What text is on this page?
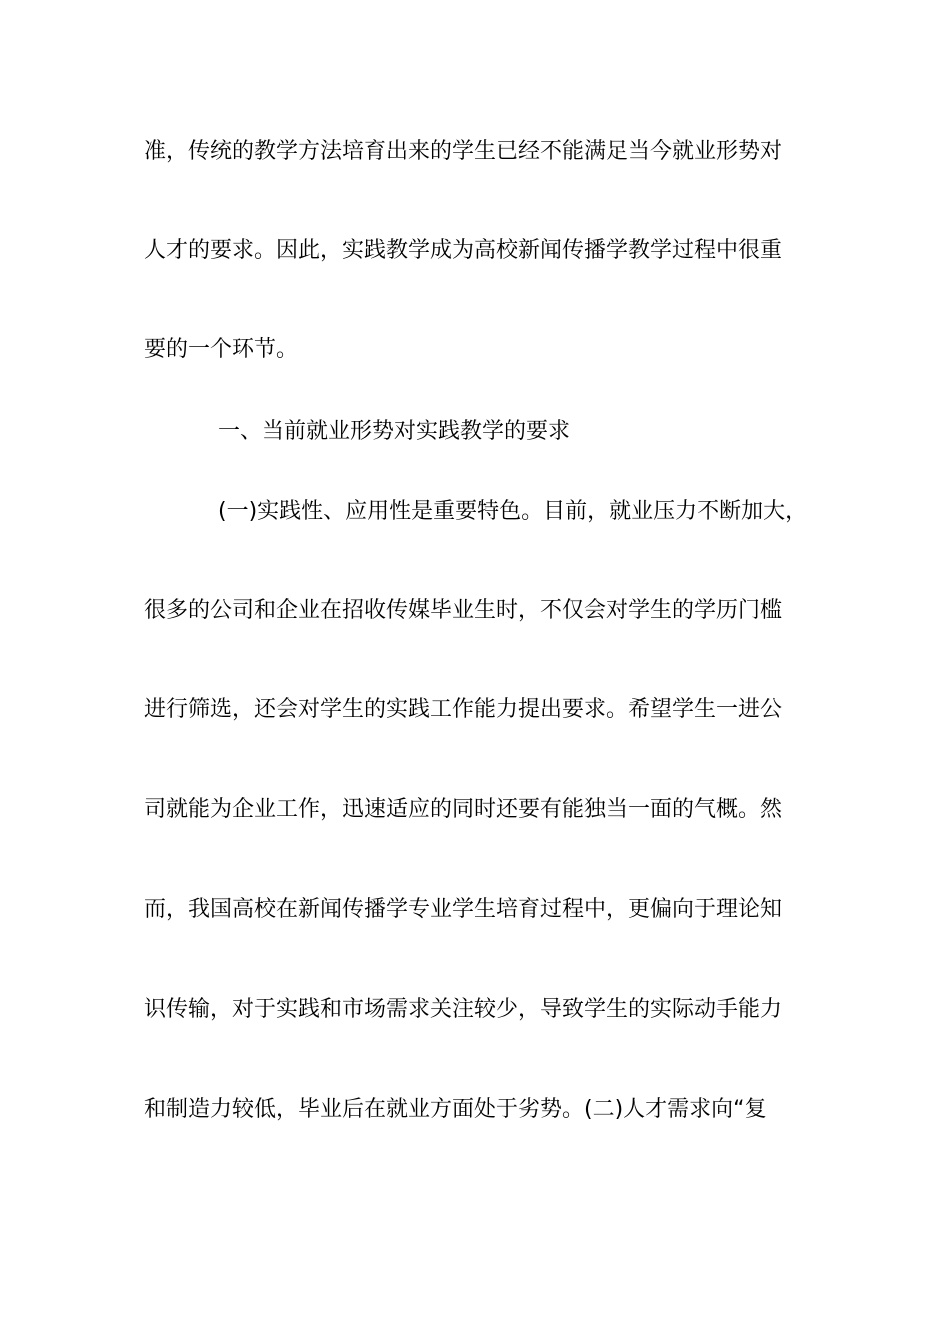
准，传统的教学方法培育出来的学生已经不能满足当今就业形势对
人才的要求。因此，实践教学成为高校新闻传播学教学过程中很重
要的一个环节。
一、当前就业形势对实践教学的要求
(一)实践性、应用性是重要特色。目前，就业压力不断加大，
很多的公司和企业在招收传媒毕业生时，不仅会对学生的学历门槛
进行筛选，还会对学生的实践工作能力提出要求。希望学生一进公
司就能为企业工作，迅速适应的同时还要有能独当一面的气概。然
而，我国高校在新闻传播学专业学生培育过程中，更偏向于理论知
识传输，对于实践和市场需求关注较少，导致学生的实际动手能力
和制造力较低，毕业后在就业方面处于劣势。(二)人才需求向“复
